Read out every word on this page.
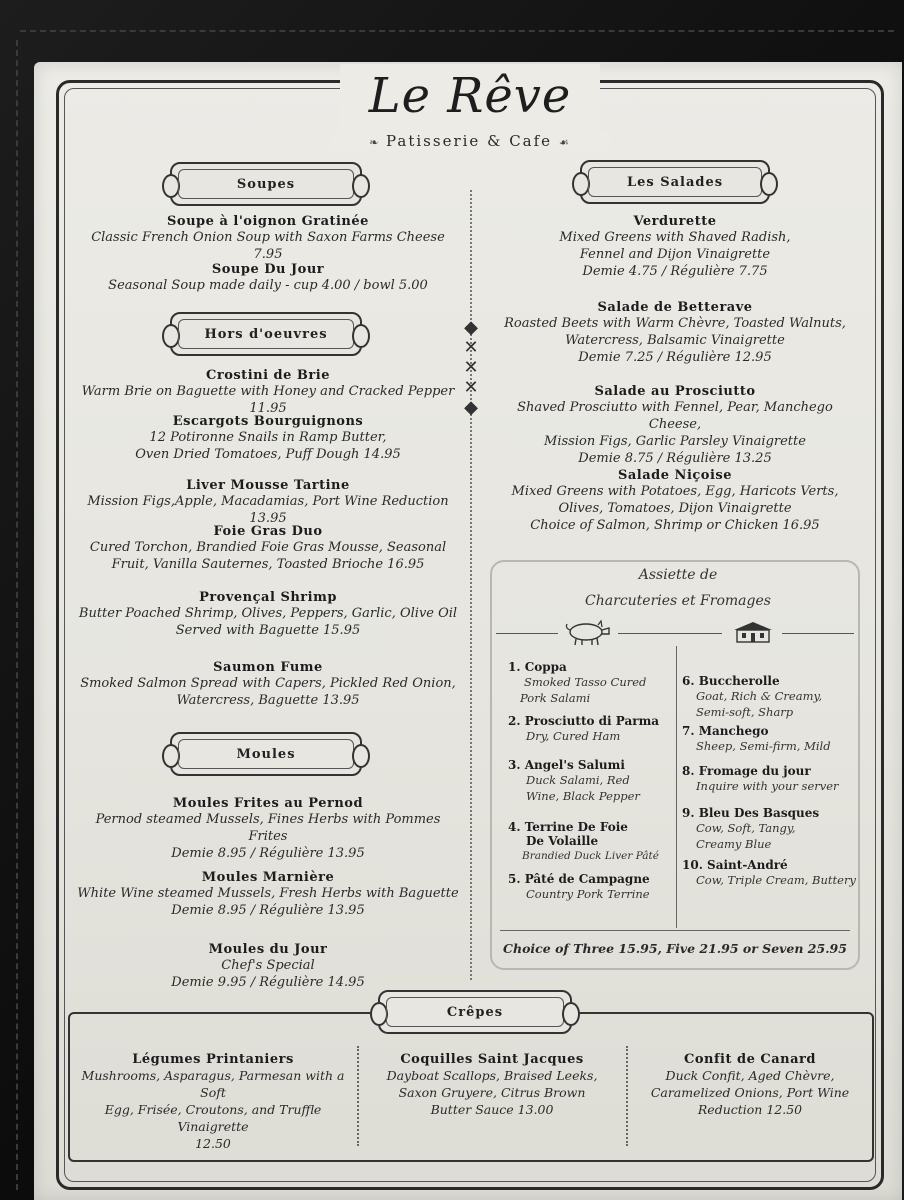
Le Rêve
❧ Patisserie & Cafe ☙
Soupes
Soupe à l'oignon Gratinée
Classic French Onion Soup with Saxon Farms Cheese 7.95
Soupe Du Jour
Seasonal Soup made daily - cup 4.00 / bowl 5.00
Hors d'oeuvres
Crostini de Brie
Warm Brie on Baguette with Honey and Cracked Pepper 11.95
Escargots Bourguignons
12 Potironne Snails in Ramp Butter,
Oven Dried Tomatoes, Puff Dough 14.95
Liver Mousse Tartine
Mission Figs,Apple, Macadamias, Port Wine Reduction 13.95
Foie Gras Duo
Cured Torchon, Brandied Foie Gras Mousse, Seasonal
Fruit, Vanilla Sauternes, Toasted Brioche 16.95
Provençal Shrimp
Butter Poached Shrimp, Olives, Peppers, Garlic, Olive Oil
Served with Baguette 15.95
Saumon Fume
Smoked Salmon Spread with Capers, Pickled Red Onion,
Watercress, Baguette 13.95
Moules
Moules Frites au Pernod
Pernod steamed Mussels, Fines Herbs with Pommes Frites
Demie 8.95 / Régulière 13.95
Moules Marnière
White Wine steamed Mussels, Fresh Herbs with Baguette
Demie 8.95 / Régulière 13.95
Moules du Jour
Chef's Special
Demie 9.95 / Régulière 14.95
◆
✕
✕
✕
◆
Les Salades
Verdurette
Mixed Greens with Shaved Radish,
Fennel and Dijon Vinaigrette
Demie 4.75 / Régulière 7.75
Salade de Betterave
Roasted Beets with Warm Chèvre, Toasted Walnuts,
Watercress, Balsamic Vinaigrette
Demie 7.25 / Régulière 12.95
Salade au Prosciutto
Shaved Prosciutto with Fennel, Pear, Manchego Cheese,
Mission Figs, Garlic Parsley Vinaigrette
Demie 8.75 / Régulière 13.25
Salade Niçoise
Mixed Greens with Potatoes, Egg, Haricots Verts,
Olives, Tomatoes, Dijon Vinaigrette
Choice of Salmon, Shrimp or Chicken 16.95
Assiette de
Charcuteries et Fromages
1. Coppa
Smoked Tasso Cured
Pork Salami
2. Prosciutto di Parma
Dry, Cured Ham
3. Angel's Salumi
Duck Salami, Red
Wine, Black Pepper
4. Terrine De Foie
De Volaille
Brandied Duck Liver Pâté
5. Pâté de Campagne
Country Pork Terrine
6. Buccherolle
Goat, Rich & Creamy,
Semi-soft, Sharp
7. Manchego
Sheep, Semi-firm, Mild
8. Fromage du jour
Inquire with your server
9. Bleu Des Basques
Cow, Soft, Tangy,
Creamy Blue
10. Saint-André
Cow, Triple Cream, Buttery
Choice of Three 15.95, Five 21.95 or Seven 25.95
Crêpes
Légumes Printaniers
Mushrooms, Asparagus, Parmesan with a Soft
Egg, Frisée, Croutons, and Truffle Vinaigrette
12.50
Coquilles Saint Jacques
Dayboat Scallops, Braised Leeks,
Saxon Gruyere, Citrus Brown
Butter Sauce 13.00
Confit de Canard
Duck Confit, Aged Chèvre,
Caramelized Onions, Port Wine
Reduction 12.50
